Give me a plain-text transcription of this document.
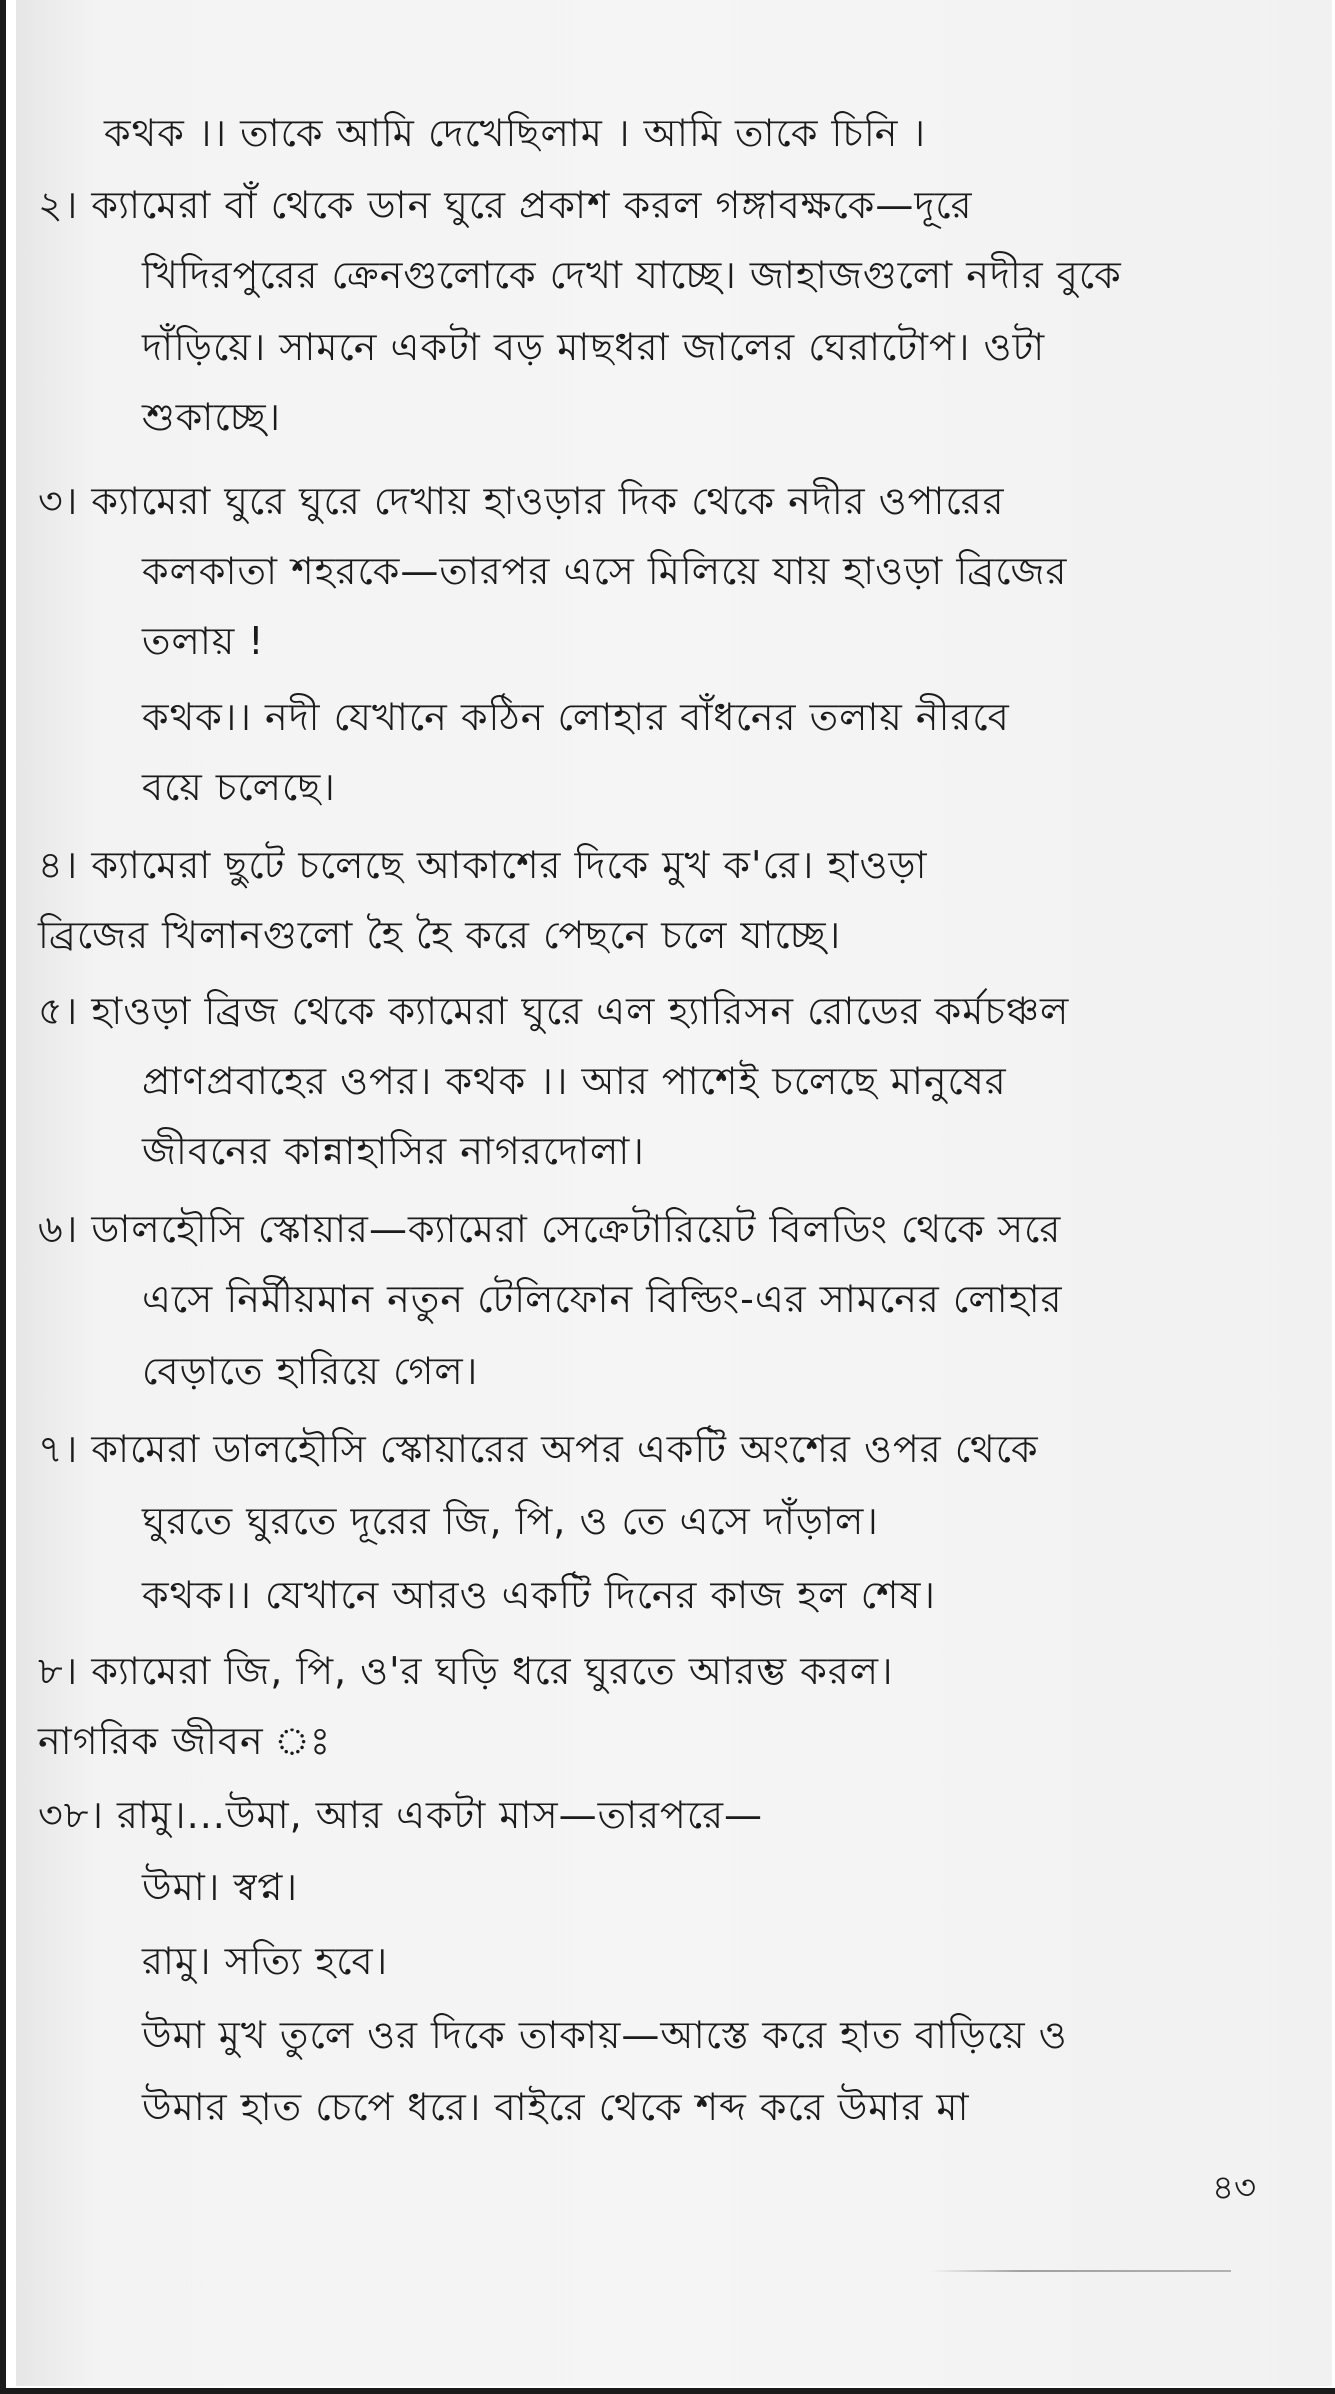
কথক ।। তাকে আমি দেখেছিলাম । আমি তাকে চিনি ।
২। ক্যামেরা বাঁ থেকে ডান ঘুরে প্রকাশ করল গঙ্গাবক্ষকে—দূরে
খিদিরপুরের ক্রেনগুলোকে দেখা যাচ্ছে। জাহাজগুলো নদীর বুকে
দাঁড়িয়ে। সামনে একটা বড় মাছধরা জালের ঘেরাটোপ। ওটা
শুকাচ্ছে।
৩। ক্যামেরা ঘুরে ঘুরে দেখায় হাওড়ার দিক থেকে নদীর ওপারের
কলকাতা শহরকে—তারপর এসে মিলিয়ে যায় হাওড়া ব্রিজের
তলায় !
কথক।। নদী যেখানে কঠিন লোহার বাঁধনের তলায় নীরবে
বয়ে চলেছে।
৪। ক্যামেরা ছুটে চলেছে আকাশের দিকে মুখ ক'রে। হাওড়া
ব্রিজের খিলানগুলো হৈ হৈ করে পেছনে চলে যাচ্ছে।
৫। হাওড়া ব্রিজ থেকে ক্যামেরা ঘুরে এল হ্যারিসন রোডের কর্মচঞ্চল
প্রাণপ্রবাহের ওপর। কথক ।। আর পাশেই চলেছে মানুষের
জীবনের কান্নাহাসির নাগরদোলা।
৬। ডালহৌসি স্কোয়ার—ক্যামেরা সেক্রেটারিয়েট বিলডিং থেকে সরে
এসে নির্মীয়মান নতুন টেলিফোন বিল্ডিং-এর সামনের লোহার
বেড়াতে হারিয়ে গেল।
৭। কামেরা ডালহৌসি স্কোয়ারের অপর একটি অংশের ওপর থেকে
ঘুরতে ঘুরতে দূরের জি, পি, ও তে এসে দাঁড়াল।
কথক।। যেখানে আরও একটি দিনের কাজ হল শেষ।
৮। ক্যামেরা জি, পি, ও'র ঘড়ি ধরে ঘুরতে আরম্ভ করল।
নাগরিক জীবন ঃ
৩৮। রামু।...উমা, আর একটা মাস—তারপরে—
উমা। স্বপ্ন।
রামু। সত্যি হবে।
উমা মুখ তুলে ওর দিকে তাকায়—আস্তে করে হাত বাড়িয়ে ও
উমার হাত চেপে ধরে। বাইরে থেকে শব্দ করে উমার মা
৪৩
